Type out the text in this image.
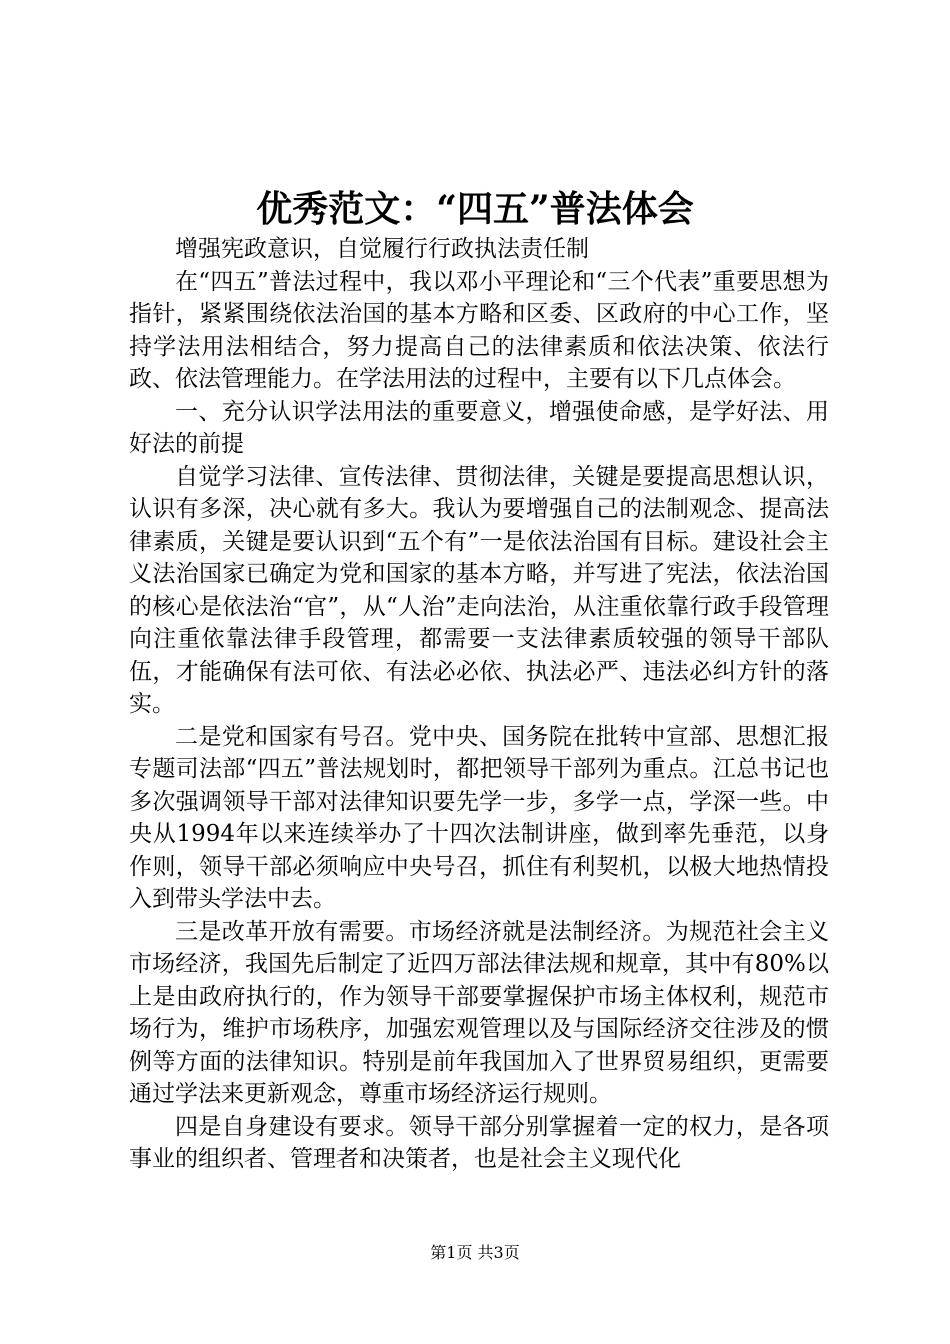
优秀范文：“四五”普法体会

增强宪政意识，自觉履行行政执法责任制

在“四五”普法过程中，我以邓小平理论和“三个代表”重要思想为指针，紧紧围绕依法治国的基本方略和区委、区政府的中心工作，坚持学法用法相结合，努力提高自己的法律素质和依法决策、依法行政、依法管理能力。在学法用法的过程中，主要有以下几点体会。

一、充分认识学法用法的重要意义，增强使命感，是学好法、用好法的前提

自觉学习法律、宣传法律、贯彻法律，关键是要提高思想认识，认识有多深，决心就有多大。我认为要增强自己的法制观念、提高法律素质，关键是要认识到“五个有”一是依法治国有目标。建设社会主义法治国家已确定为党和国家的基本方略，并写进了宪法，依法治国的核心是依法治“官”，从“人治”走向法治，从注重依靠行政手段管理向注重依靠法律手段管理，都需要一支法律素质较强的领导干部队伍，才能确保有法可依、有法必必依、执法必严、违法必纠方针的落实。

二是党和国家有号召。党中央、国务院在批转中宣部、思想汇报专题司法部“四五”普法规划时，都把领导干部列为重点。江总书记也多次强调领导干部对法律知识要先学一步，多学一点，学深一些。中央从1994年以来连续举办了十四次法制讲座，做到率先垂范，以身作则，领导干部必须响应中央号召，抓住有利契机，以极大地热情投入到带头学法中去。

三是改革开放有需要。市场经济就是法制经济。为规范社会主义市场经济，我国先后制定了近四万部法律法规和规章，其中有80%以上是由政府执行的，作为领导干部要掌握保护市场主体权利，规范市场行为，维护市场秩序，加强宏观管理以及与国际经济交往涉及的惯例等方面的法律知识。特别是前年我国加入了世界贸易组织，更需要通过学法来更新观念，尊重市场经济运行规则。

四是自身建设有要求。领导干部分别掌握着一定的权力，是各项事业的组织者、管理者和决策者，也是社会主义现代化

第1页 共3页
